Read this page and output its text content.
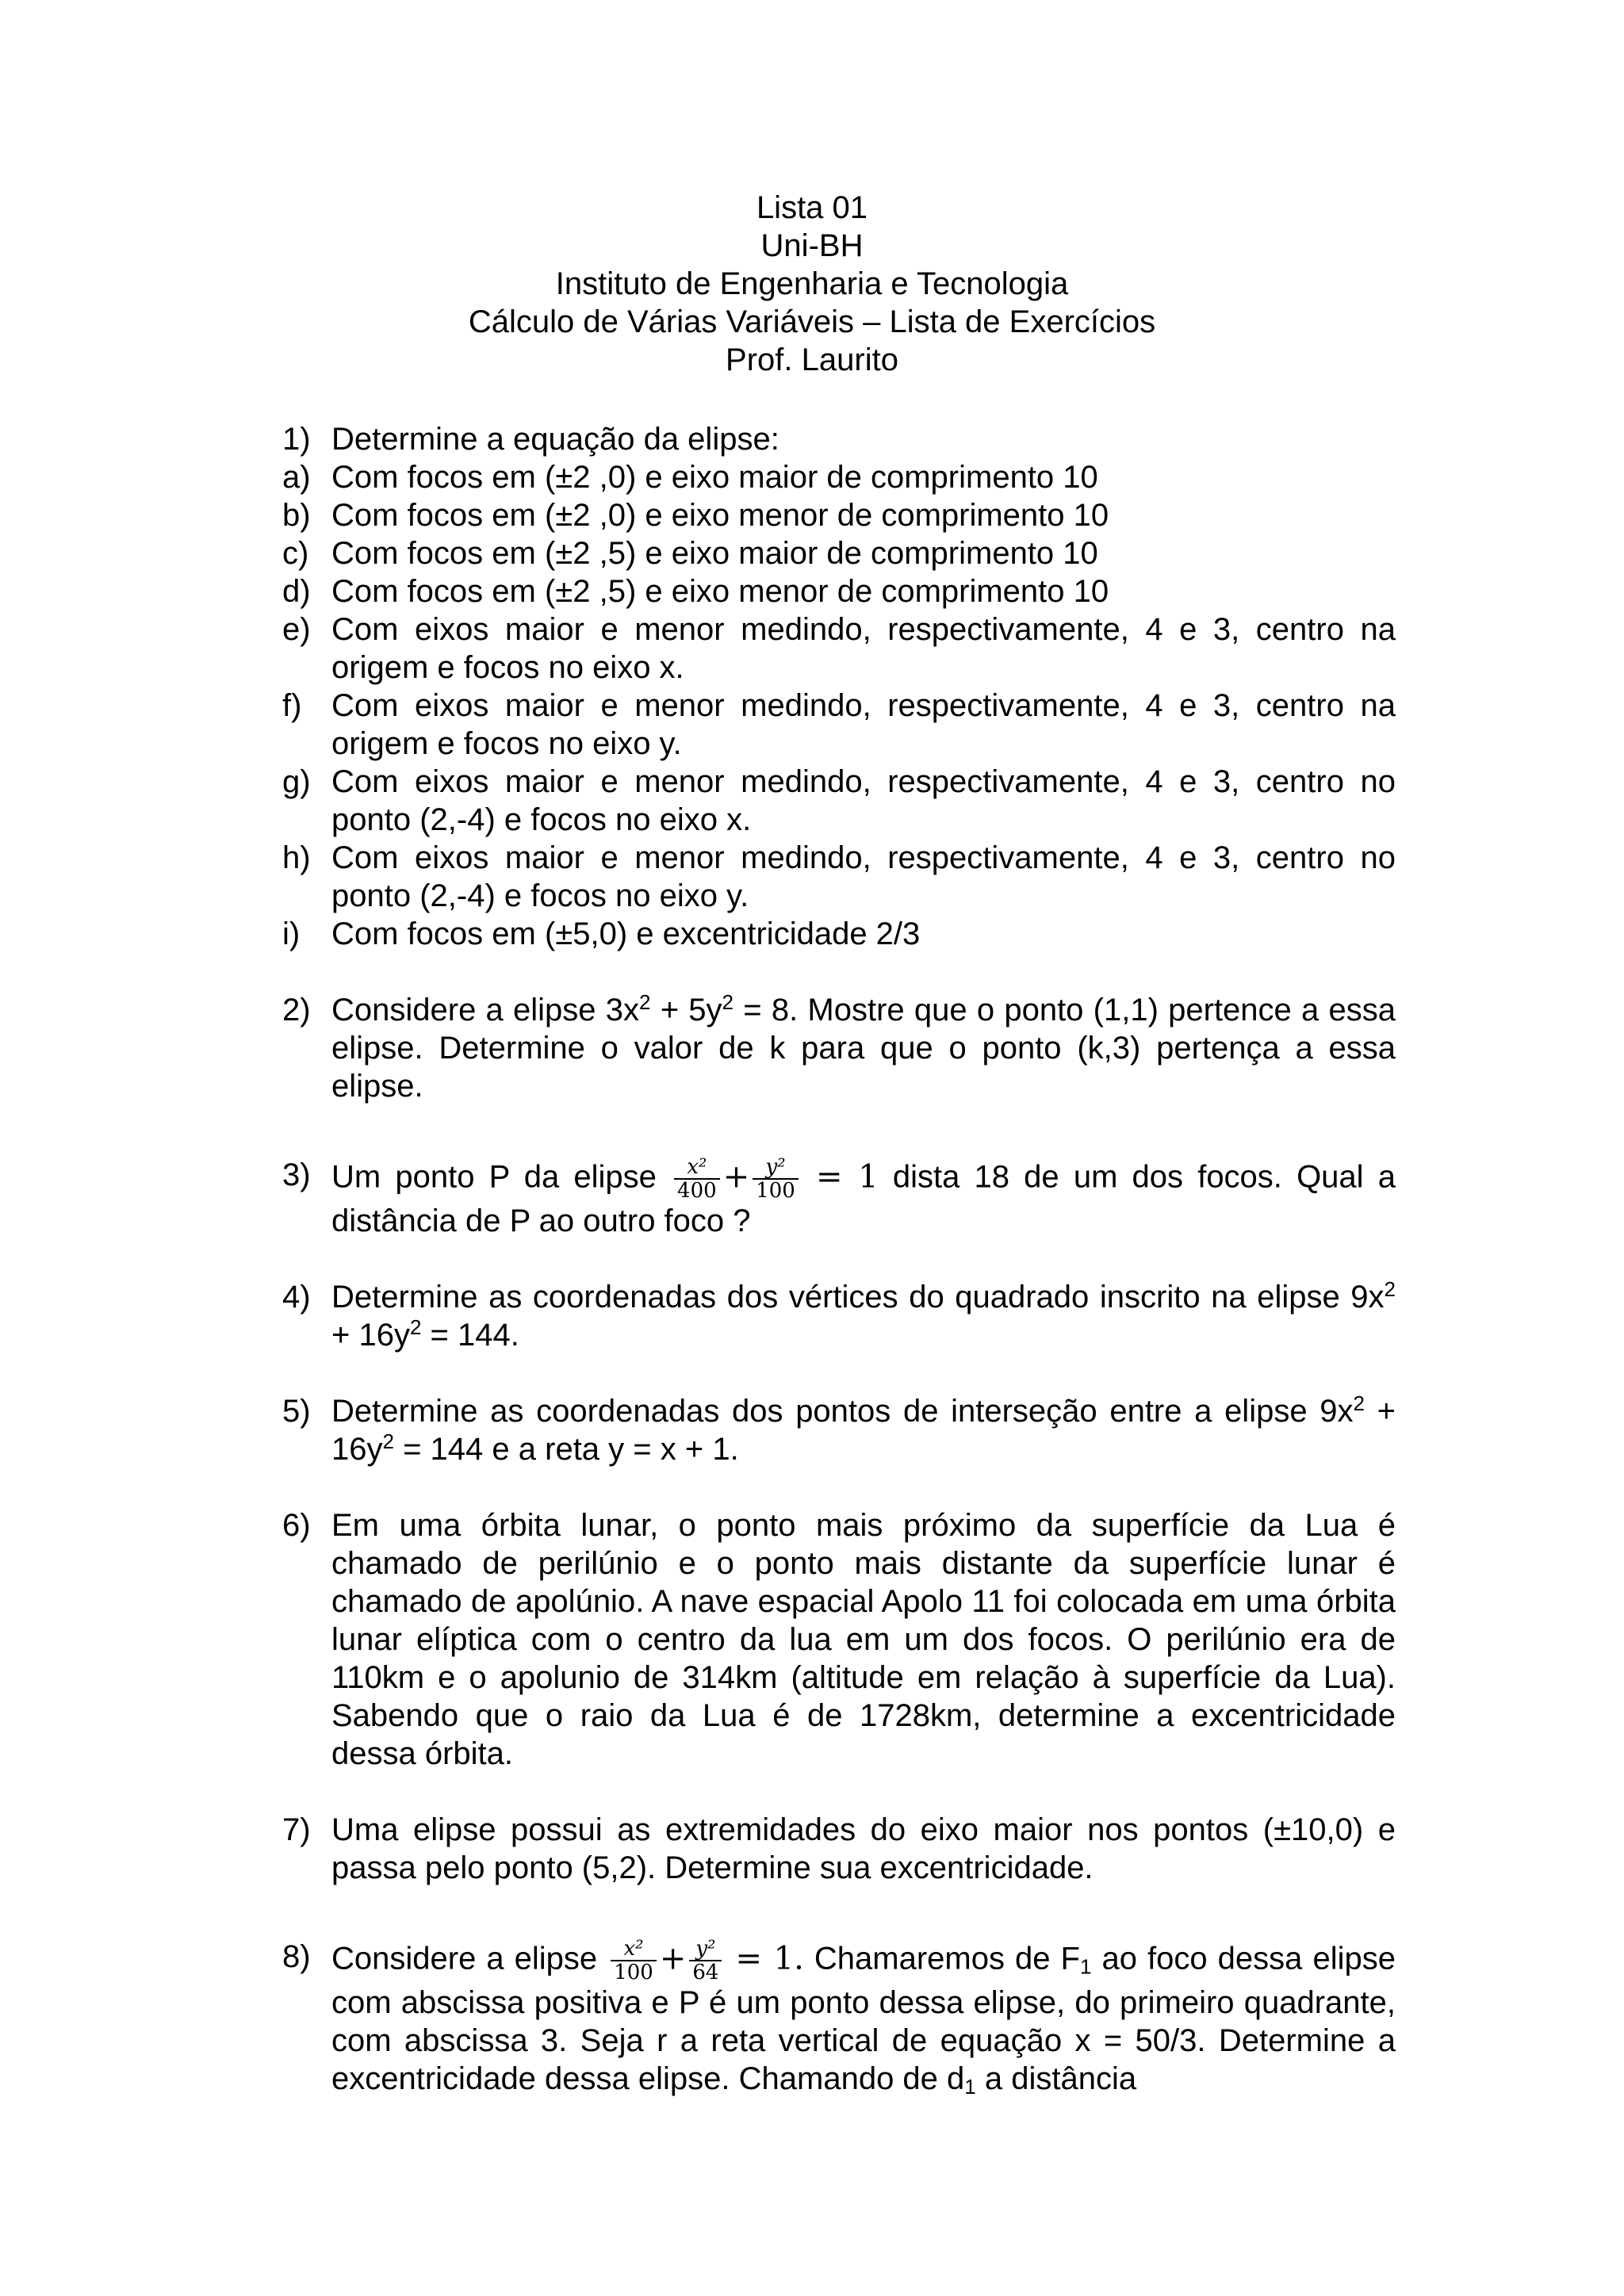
Lista 01
Uni-BH
Instituto de Engenharia e Tecnologia
Cálculo de Várias Variáveis – Lista de Exercícios
Prof. Laurito
1) Determine a equação da elipse:
a) Com focos em (±2 ,0) e eixo maior de comprimento 10
b) Com focos em (±2 ,0) e eixo menor de comprimento 10
c) Com focos em (±2 ,5) e eixo maior de comprimento 10
d) Com focos em (±2 ,5) e eixo menor de comprimento 10
e) Com eixos maior e menor medindo, respectivamente, 4 e 3, centro na origem e focos no eixo x.
f) Com eixos maior e menor medindo, respectivamente, 4 e 3, centro na origem e focos no eixo y.
g) Com eixos maior e menor medindo, respectivamente, 4 e 3, centro no ponto (2,-4) e focos no eixo x.
h) Com eixos maior e menor medindo, respectivamente, 4 e 3, centro no ponto (2,-4) e focos no eixo y.
i) Com focos em (±5,0) e excentricidade 2/3
2) Considere a elipse $3x^2 + 5y^2 = 8$. Mostre que o ponto (1,1) pertence a essa elipse. Determine o valor de k para que o ponto (k,3) pertença a essa elipse.
3) Um ponto P da elipse $\frac{\text{x²}}{400} + \frac{\text{y²}}{100} = 1$ dista 18 de um dos focos. Qual a distância de P ao outro foco ?
4) Determine as coordenadas dos vértices do quadrado inscrito na elipse $9x^2 + 16y^2 = 144$.
5) Determine as coordenadas dos pontos de interseção entre a elipse $9x^2 + 16y^2 = 144$ e a reta y = x + 1.
6) Em uma órbita lunar, o ponto mais próximo da superfície da Lua é chamado de perilúnio e o ponto mais distante da superfície lunar é chamado de apolúnio. A nave espacial Apolo 11 foi colocada em uma órbita lunar elíptica com o centro da lua em um dos focos. O perilúnio era de 110km e o apolunio de 314km (altitude em relação à superfície da Lua). Sabendo que o raio da Lua é de 1728km, determine a excentricidade dessa órbita.
7) Uma elipse possui as extremidades do eixo maior nos pontos (±10,0) e passa pelo ponto (5,2). Determine sua excentricidade.
8) Considere a elipse $\frac{\text{x²}}{100} + \frac{\text{y²}}{64} = 1$. Chamaremos de $F_1$ ao foco dessa elipse com abscissa positiva e P é um ponto dessa elipse, do primeiro quadrante, com abscissa 3. Seja r a reta vertical de equação x = 50/3. Determine a excentricidade dessa elipse. Chamando de $d_1$ a distância
